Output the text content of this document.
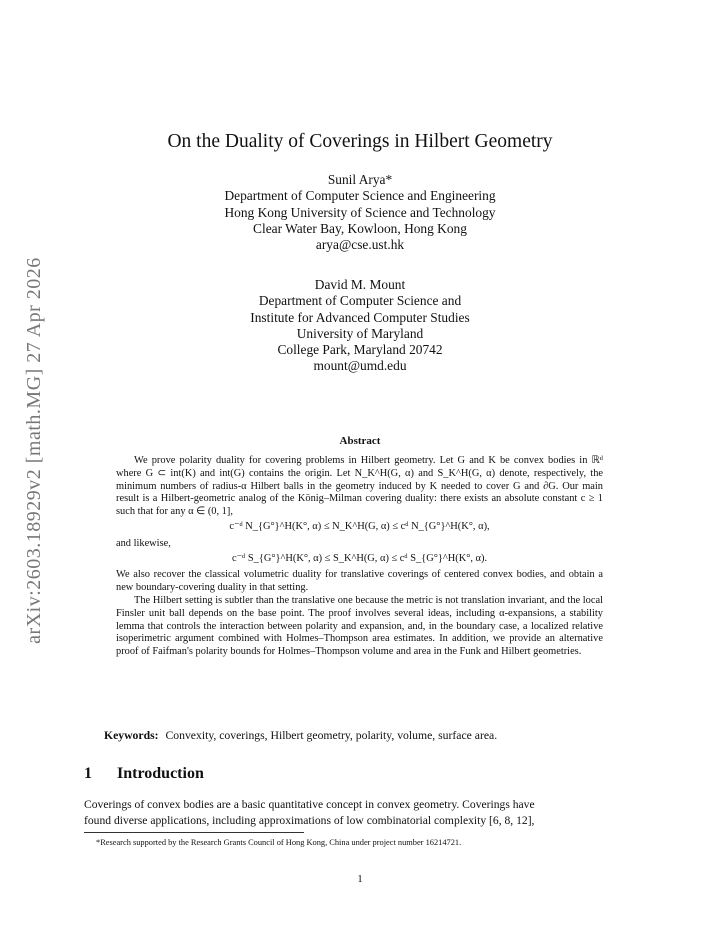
arXiv:2603.18929v2 [math.MG] 27 Apr 2026
On the Duality of Coverings in Hilbert Geometry
Sunil Arya*
Department of Computer Science and Engineering
Hong Kong University of Science and Technology
Clear Water Bay, Kowloon, Hong Kong
arya@cse.ust.hk
David M. Mount
Department of Computer Science and
Institute for Advanced Computer Studies
University of Maryland
College Park, Maryland 20742
mount@umd.edu
Abstract

We prove polarity duality for covering problems in Hilbert geometry. Let G and K be convex bodies in ℝᵈ where G ⊂ int(K) and int(G) contains the origin. Let N_K^H(G, α) and S_K^H(G, α) denote, respectively, the minimum numbers of radius-α Hilbert balls in the geometry induced by K needed to cover G and ∂G. Our main result is a Hilbert-geometric analog of the König–Milman covering duality: there exists an absolute constant c ≥ 1 such that for any α ∈ (0, 1],

c⁻ᵈ N_{G°}^H(K°, α) ≤ N_K^H(G, α) ≤ cᵈ N_{G°}^H(K°, α),

and likewise,

c⁻ᵈ S_{G°}^H(K°, α) ≤ S_K^H(G, α) ≤ cᵈ S_{G°}^H(K°, α).

We also recover the classical volumetric duality for translative coverings of centered convex bodies, and obtain a new boundary-covering duality in that setting.

The Hilbert setting is subtler than the translative one because the metric is not translation invariant, and the local Finsler unit ball depends on the base point. The proof involves several ideas, including α-expansions, a stability lemma that controls the interaction between polarity and expansion, and, in the boundary case, a localized relative isoperimetric argument combined with Holmes–Thompson area estimates. In addition, we provide an alternative proof of Faifman's polarity bounds for Holmes–Thompson volume and area in the Funk and Hilbert geometries.

Keywords: Convexity, coverings, Hilbert geometry, polarity, volume, surface area.
1 Introduction
Coverings of convex bodies are a basic quantitative concept in convex geometry. Coverings have
found diverse applications, including approximations of low combinatorial complexity [6, 8, 12],
*Research supported by the Research Grants Council of Hong Kong, China under project number 16214721.
1
